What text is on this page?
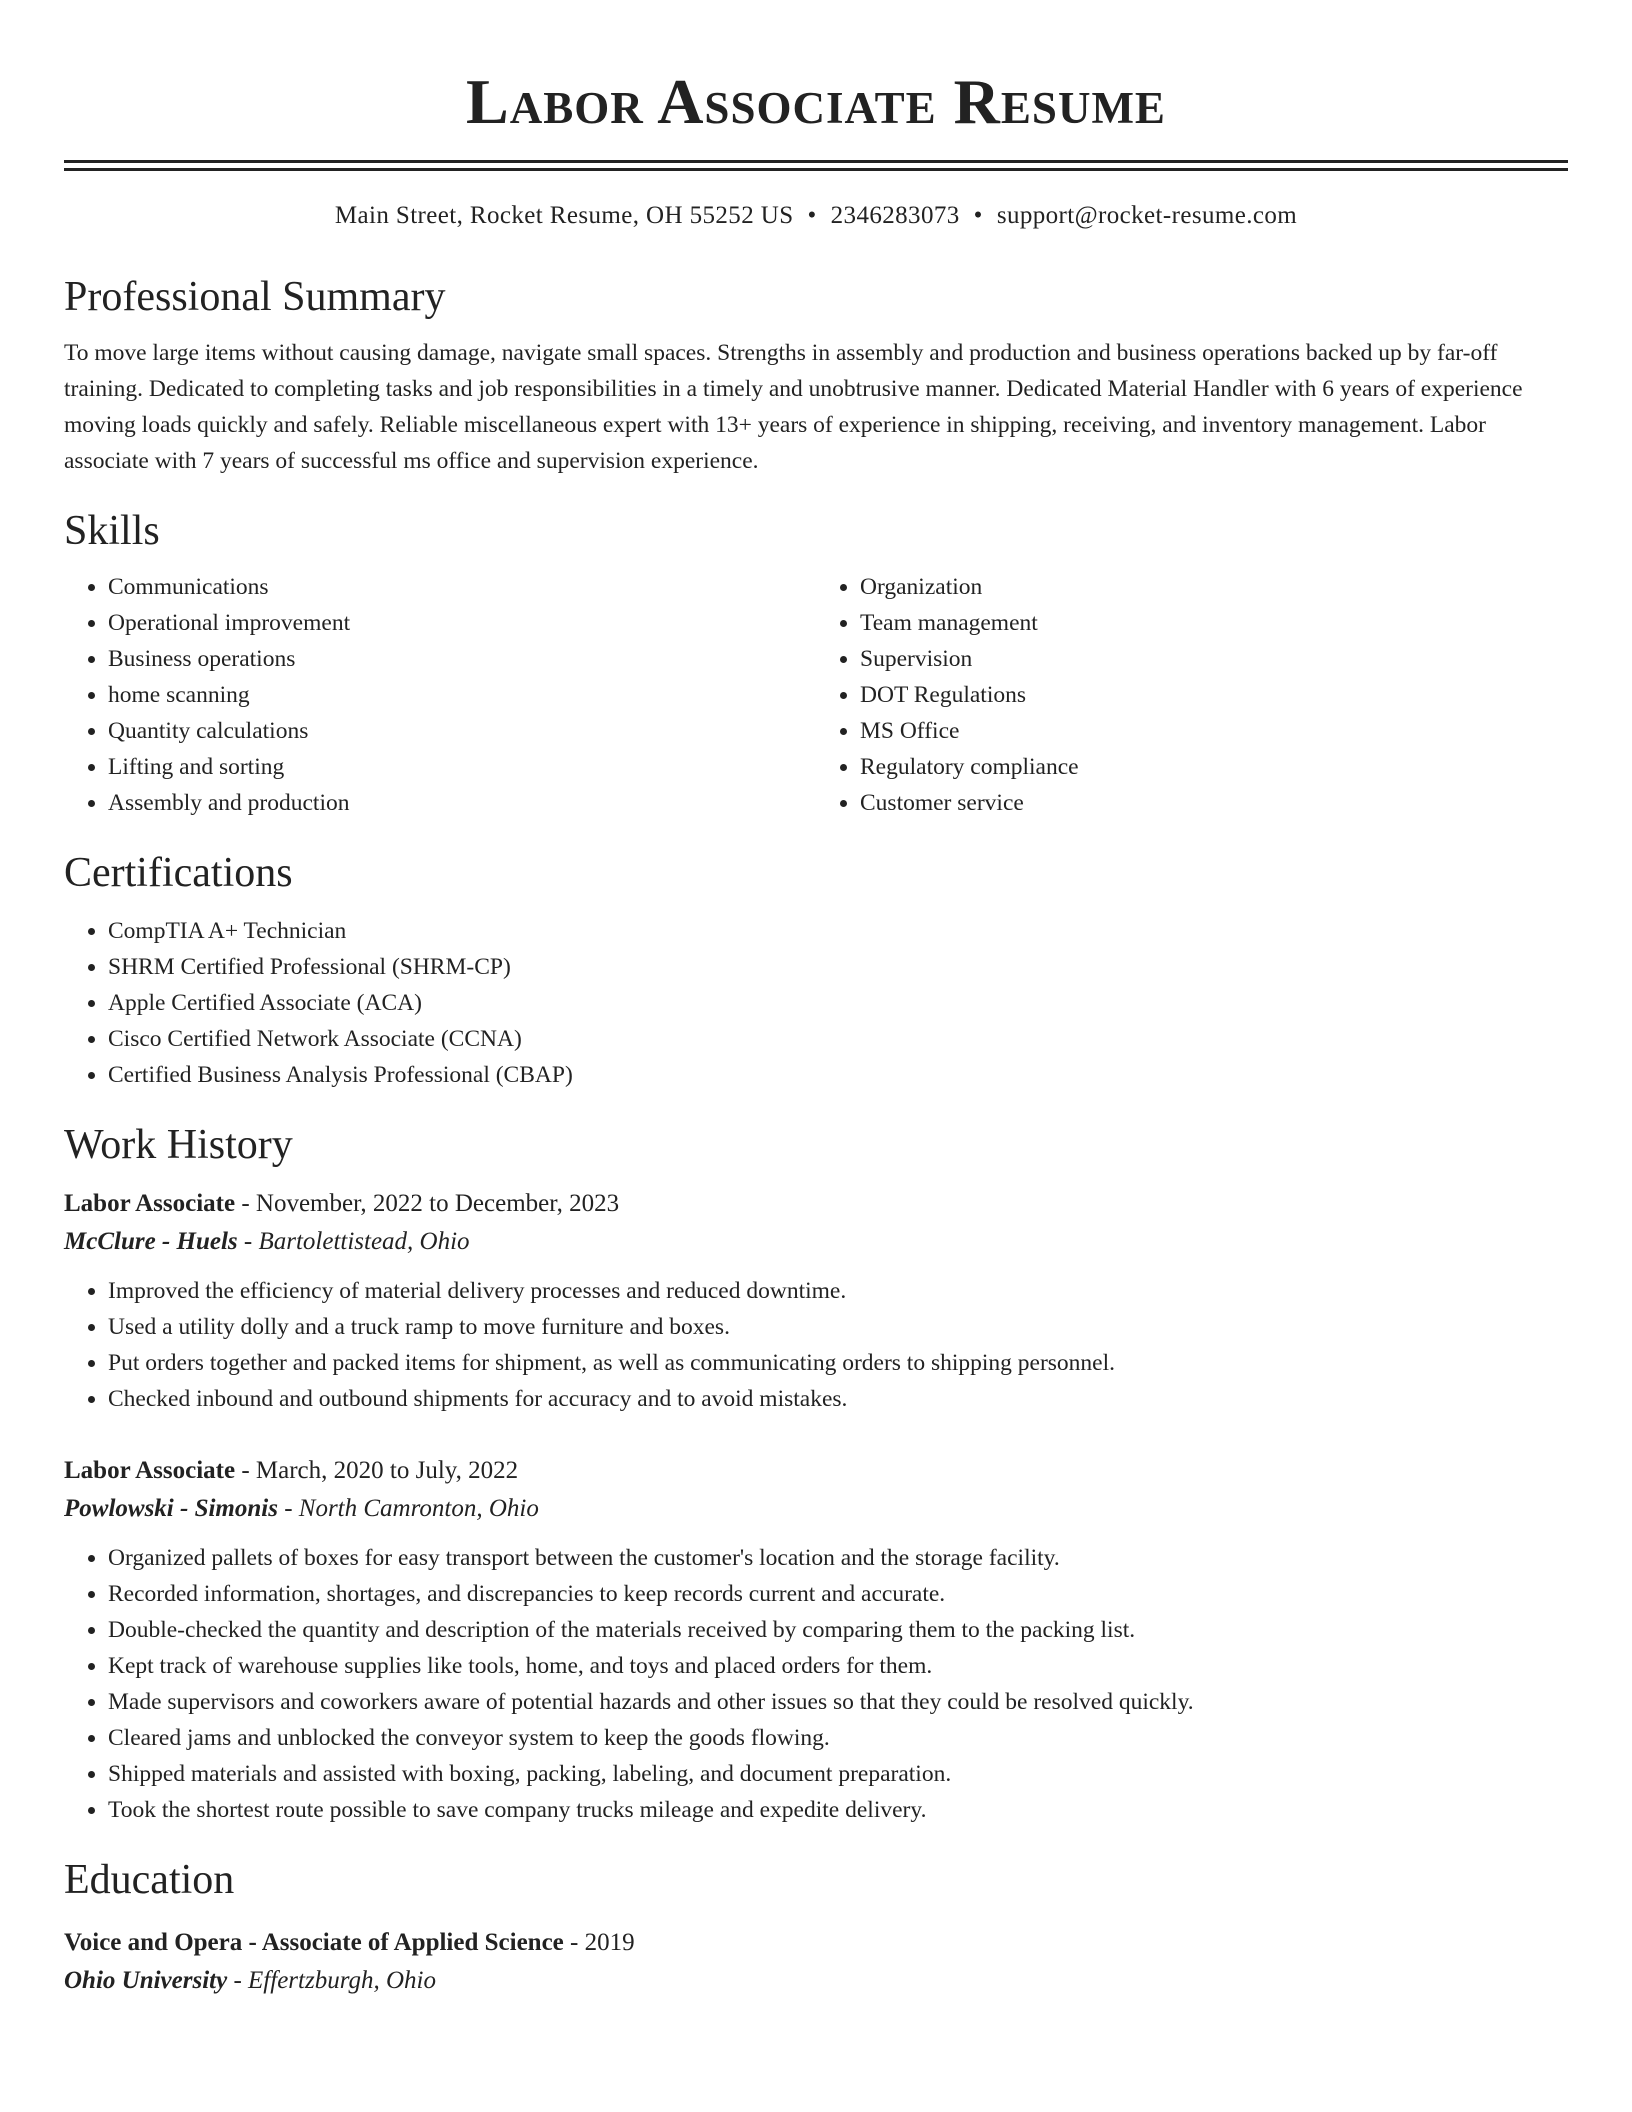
Labor Associate Resume
Main Street, Rocket Resume, OH 55252 US • 2346283073 • support@rocket-resume.com
Professional Summary

To move large items without causing damage, navigate small spaces. Strengths in assembly and production and business operations backed up by far-off training. Dedicated to completing tasks and job responsibilities in a timely and unobtrusive manner. Dedicated Material Handler with 6 years of experience moving loads quickly and safely. Reliable miscellaneous expert with 13+ years of experience in shipping, receiving, and inventory management. Labor associate with 7 years of successful ms office and supervision experience.

Skills
• Communications
• Operational improvement
• Business operations
• home scanning
• Quantity calculations
• Lifting and sorting
• Assembly and production
• Organization
• Team management
• Supervision
• DOT Regulations
• MS Office
• Regulatory compliance
• Customer service
Certifications
• CompTIA A+ Technician
• SHRM Certified Professional (SHRM-CP)
• Apple Certified Associate (ACA)
• Cisco Certified Network Associate (CCNA)
• Certified Business Analysis Professional (CBAP)
Work History
Labor Associate - November, 2022 to December, 2023
McClure - Huels - Bartolettistead, Ohio
• Improved the efficiency of material delivery processes and reduced downtime.
• Used a utility dolly and a truck ramp to move furniture and boxes.
• Put orders together and packed items for shipment, as well as communicating orders to shipping personnel.
• Checked inbound and outbound shipments for accuracy and to avoid mistakes.
Labor Associate - March, 2020 to July, 2022
Powlowski - Simonis - North Camronton, Ohio
• Organized pallets of boxes for easy transport between the customer's location and the storage facility.
• Recorded information, shortages, and discrepancies to keep records current and accurate.
• Double-checked the quantity and description of the materials received by comparing them to the packing list.
• Kept track of warehouse supplies like tools, home, and toys and placed orders for them.
• Made supervisors and coworkers aware of potential hazards and other issues so that they could be resolved quickly.
• Cleared jams and unblocked the conveyor system to keep the goods flowing.
• Shipped materials and assisted with boxing, packing, labeling, and document preparation.
• Took the shortest route possible to save company trucks mileage and expedite delivery.
Education
Voice and Opera - Associate of Applied Science - 2019
Ohio University - Effertzburgh, Ohio
